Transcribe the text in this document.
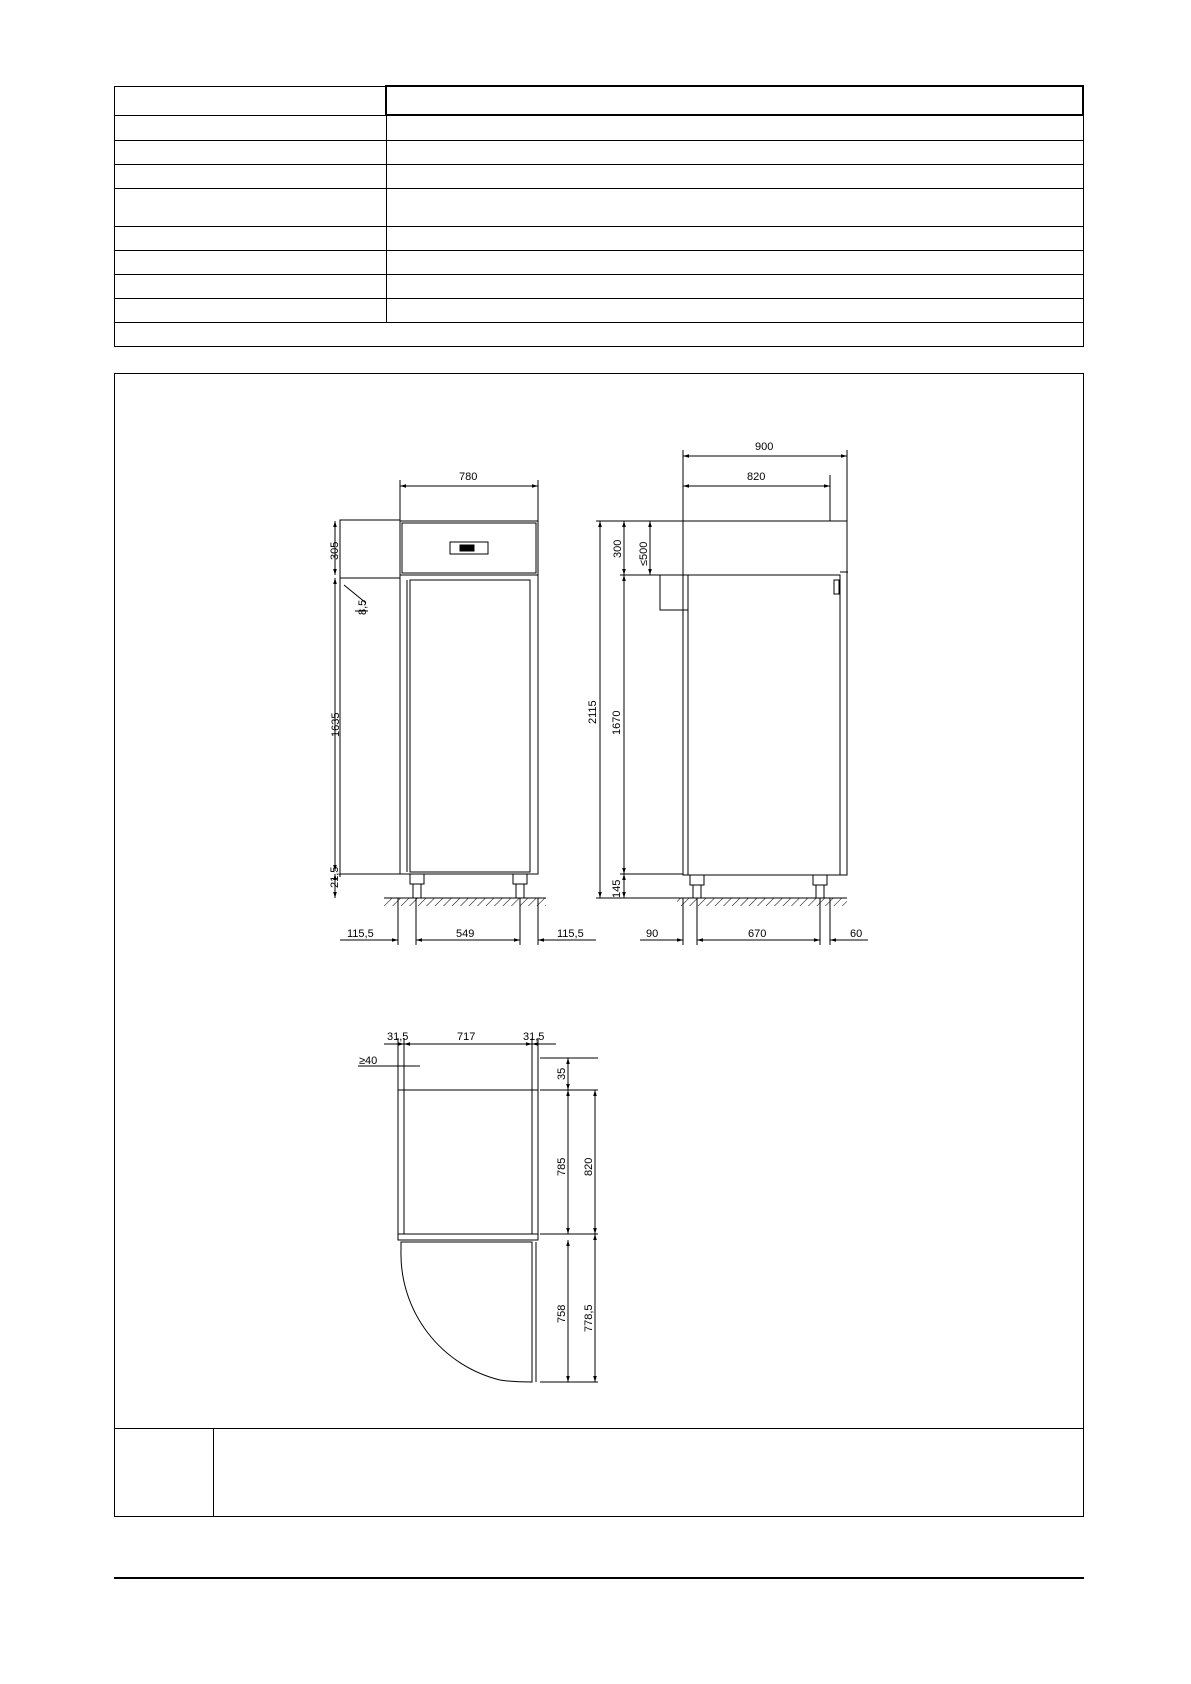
780
305
8,5
1635
21,5
115,5	549	115,5
900
820
300 ≤500
2115 1670
145
90	670	60
31,5	717	31,5
≥40
35
785 820
758 778,5
